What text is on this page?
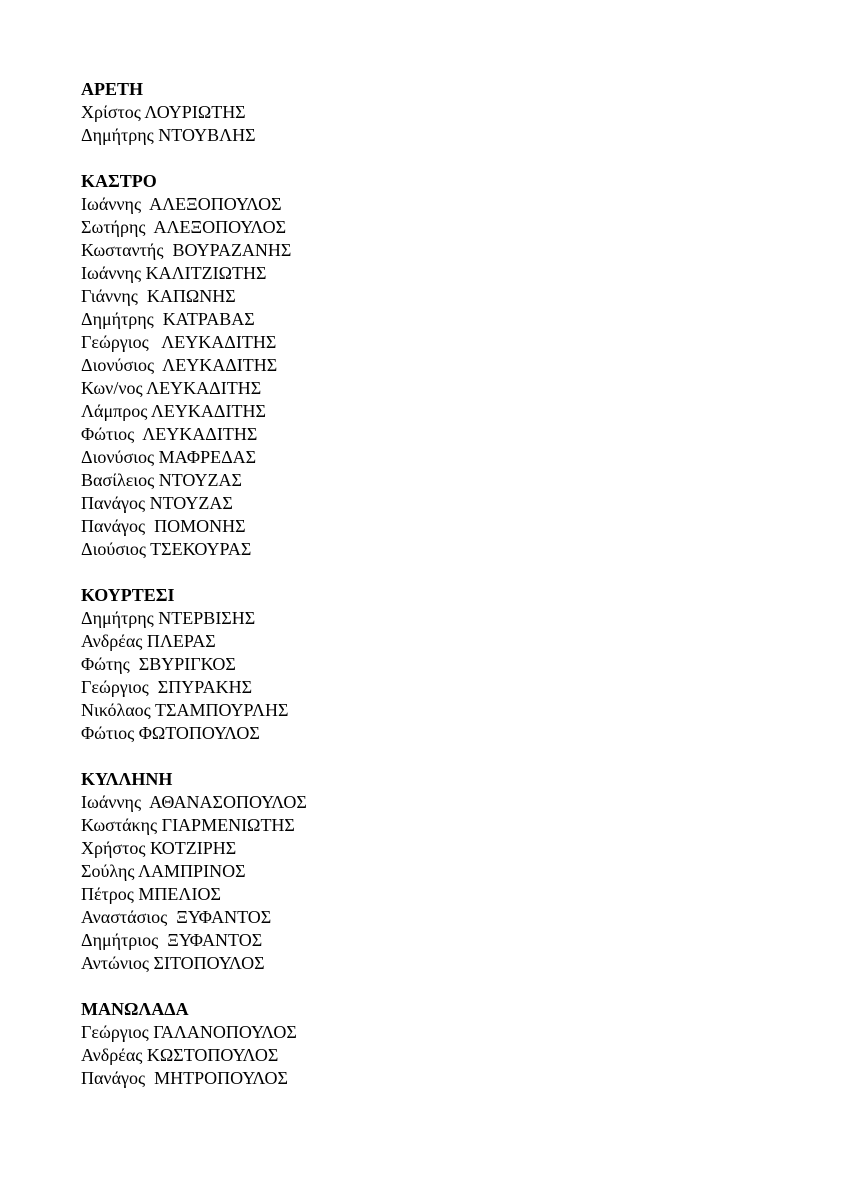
ΑΡΕΤΗ
Χρίστος ΛΟΥΡΙΩΤΗΣ
Δημήτρης ΝΤΟΥΒΛΗΣ
ΚΑΣΤΡΟ
Ιωάννης  ΑΛΕΞΟΠΟΥΛΟΣ
Σωτήρης  ΑΛΕΞΟΠΟΥΛΟΣ
Κωσταντής  ΒΟΥΡΑΖΑΝΗΣ
Ιωάννης ΚΑΛΙΤΖΙΩΤΗΣ
Γιάννης  ΚΑΠΩΝΗΣ
Δημήτρης  ΚΑΤΡΑΒΑΣ
Γεώργιος   ΛΕΥΚΑΔΙΤΗΣ
Διονύσιος  ΛΕΥΚΑΔΙΤΗΣ
Κων/νος ΛΕΥΚΑΔΙΤΗΣ
Λάμπρος ΛΕΥΚΑΔΙΤΗΣ
Φώτιος  ΛΕΥΚΑΔΙΤΗΣ
Διονύσιος ΜΑΦΡΕΔΑΣ
Βασίλειος ΝΤΟΥΖΑΣ
Πανάγος ΝΤΟΥΖΑΣ
Πανάγος  ΠΟΜΟΝΗΣ
Διούσιος ΤΣΕΚΟΥΡΑΣ
ΚΟΥΡΤΕΣΙ
Δημήτρης ΝΤΕΡΒΙΣΗΣ
Ανδρέας ΠΛΕΡΑΣ
Φώτης  ΣΒΥΡΙΓΚΟΣ
Γεώργιος  ΣΠΥΡΑΚΗΣ
Νικόλαος ΤΣΑΜΠΟΥΡΛΗΣ
Φώτιος ΦΩΤΟΠΟΥΛΟΣ
ΚΥΛΛΗΝΗ
Ιωάννης  ΑΘΑΝΑΣΟΠΟΥΛΟΣ
Κωστάκης ΓΙΑΡΜΕΝΙΩΤΗΣ
Χρήστος ΚΟΤΖΙΡΗΣ
Σούλης ΛΑΜΠΡΙΝΟΣ
Πέτρος ΜΠΕΛΙΟΣ
Αναστάσιος  ΞΥΦΑΝΤΟΣ
Δημήτριος  ΞΥΦΑΝΤΟΣ
Αντώνιος ΣΙΤΟΠΟΥΛΟΣ
ΜΑΝΩΛΑΔΑ
Γεώργιος ΓΑΛΑΝΟΠΟΥΛΟΣ
Ανδρέας ΚΩΣΤΟΠΟΥΛΟΣ
Πανάγος  ΜΗΤΡΟΠΟΥΛΟΣ
